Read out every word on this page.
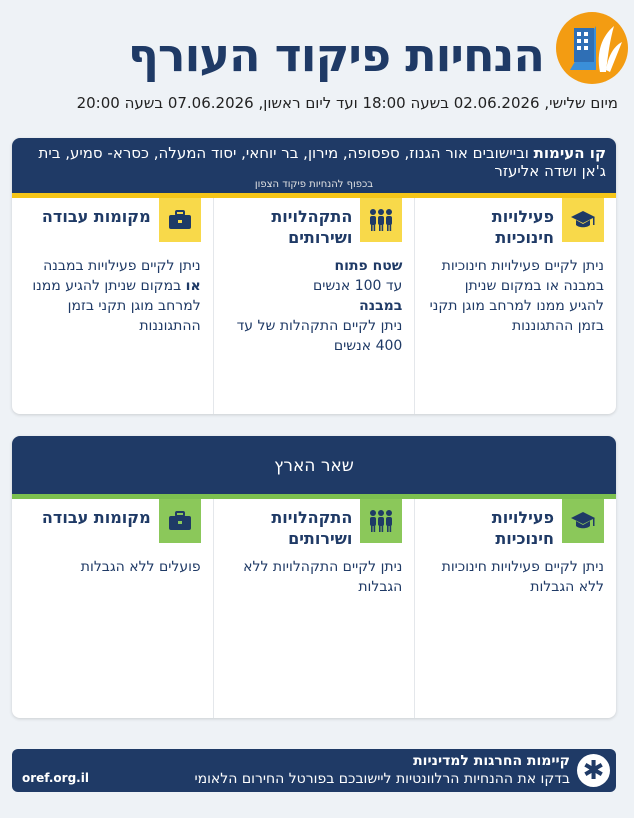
הנחיות פיקוד העורף
מיום שלישי, 02.06.2026 בשעה 18:00 ועד ליום ראשון, 07.06.2026 בשעה 20:00
קו העימות וביישובים אור הגנוז, ספסופה, מירון, בר יוחאי, יסוד המעלה, כסרא- סמיע, בית ג'אן ושדה אליעזר
בכפוף להנחיות פיקוד הצפון
פעילויות חינוכיות
ניתן לקיים פעילויות חינוכיות במבנה או במקום שניתן להגיע ממנו למרחב מוגן תקני בזמן ההתגוננות
התקהלויות ושירותים
שטח פתוח
עד 100 אנשים
במבנה
ניתן לקיים התקהלות של עד 400 אנשים
מקומות עבודה
ניתן לקיים פעילויות במבנה או במקום שניתן להגיע ממנו למרחב מוגן תקני בזמן ההתגוננות
שאר הארץ
פעילויות חינוכיות
ניתן לקיים פעילויות חינוכיות ללא הגבלות
התקהלויות ושירותים
ניתן לקיים התקהלויות ללא הגבלות
מקומות עבודה
פועלים ללא הגבלות
✱
קיימות החרגות למדיניות
בדקו את ההנחיות הרלוונטיות ליישובכם בפורטל החירום הלאומי
oref.org.il
